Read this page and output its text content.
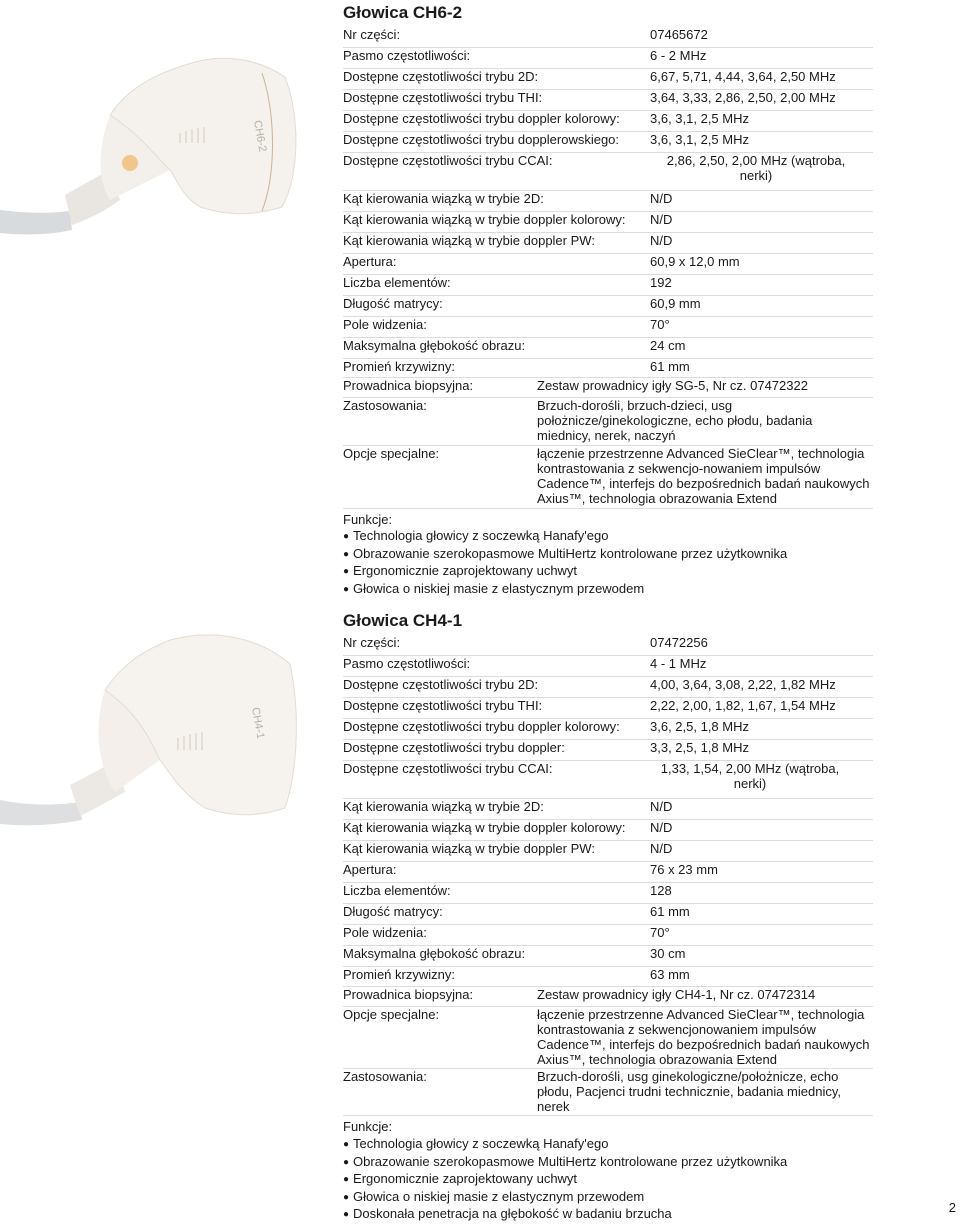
CH6-2
Głowica CH6-2
Nr części:	07465672
Pasmo częstotliwości:	6 - 2 MHz
Dostępne częstotliwości trybu 2D:	6,67, 5,71, 4,44, 3,64, 2,50 MHz
Dostępne częstotliwości trybu THI:	3,64, 3,33, 2,86, 2,50, 2,00 MHz
Dostępne częstotliwości trybu doppler kolorowy: 3,6, 3,1, 2,5 MHz
Dostępne częstotliwości trybu dopplerowskiego: 3,6, 3,1, 2,5 MHz
Dostępne częstotliwości trybu CCAI:	2,86, 2,50, 2,00 MHz (wątroba, nerki)
Kąt kierowania wiązką w trybie 2D:	N/D
Kąt kierowania wiązką w trybie doppler kolorowy: N/D
Kąt kierowania wiązką w trybie doppler PW:	N/D
Apertura:	60,9 x 12,0 mm
Liczba elementów:	192
Długość matrycy:	60,9 mm
Pole widzenia:	70°
Maksymalna głębokość obrazu:	24 cm
Promień krzywizny:	61 mm
Prowadnica biopsyjna:	Zestaw prowadnicy igły SG-5, Nr cz. 07472322
Zastosowania:	Brzuch-dorośli, brzuch-dzieci, usg położnicze/ginekologiczne, echo płodu, badania miednicy, nerek, naczyń
Opcje specjalne:	łączenie przestrzenne Advanced SieClear™, technologia kontrastowania z sekwencjo-nowaniem impulsów Cadence™, interfejs do bezpośrednich badań naukowych Axius™, technologia obrazowania Extend
Funkcje:
● Technologia głowicy z soczewką Hanafy'ego
● Obrazowanie szerokopasmowe MultiHertz kontrolowane przez użytkownika
● Ergonomicznie zaprojektowany uchwyt
● Głowica o niskiej masie z elastycznym przewodem
CH4-1
Głowica CH4-1
Nr części:	07472256
Pasmo częstotliwości:	4 - 1 MHz
Dostępne częstotliwości trybu 2D:	4,00, 3,64, 3,08, 2,22, 1,82 MHz
Dostępne częstotliwości trybu THI:	2,22, 2,00, 1,82, 1,67, 1,54 MHz
Dostępne częstotliwości trybu doppler kolorowy: 3,6, 2,5, 1,8 MHz
Dostępne częstotliwości trybu doppler:	3,3, 2,5, 1,8 MHz
Dostępne częstotliwości trybu CCAI:	1,33, 1,54, 2,00 MHz (wątroba, nerki)
Kąt kierowania wiązką w trybie 2D:	N/D
Kąt kierowania wiązką w trybie doppler kolorowy: N/D
Kąt kierowania wiązką w trybie doppler PW:	N/D
Apertura:	76 x 23 mm
Liczba elementów:	128
Długość matrycy:	61 mm
Pole widzenia:	70°
Maksymalna głębokość obrazu:	30 cm
Promień krzywizny:	63 mm
Prowadnica biopsyjna:	Zestaw prowadnicy igły CH4-1, Nr cz. 07472314
Opcje specjalne:	łączenie przestrzenne Advanced SieClear™, technologia kontrastowania z sekwencjonowaniem impulsów Cadence™, interfejs do bezpośrednich badań naukowych Axius™, technologia obrazowania Extend
Zastosowania:	Brzuch-dorośli, usg ginekologiczne/położnicze, echo płodu, Pacjenci trudni technicznie, badania miednicy, nerek
Funkcje:
● Technologia głowicy z soczewką Hanafy'ego
● Obrazowanie szerokopasmowe MultiHertz kontrolowane przez użytkownika
● Ergonomicznie zaprojektowany uchwyt
● Głowica o niskiej masie z elastycznym przewodem
● Doskonała penetracja na głębokość w badaniu brzucha	2
